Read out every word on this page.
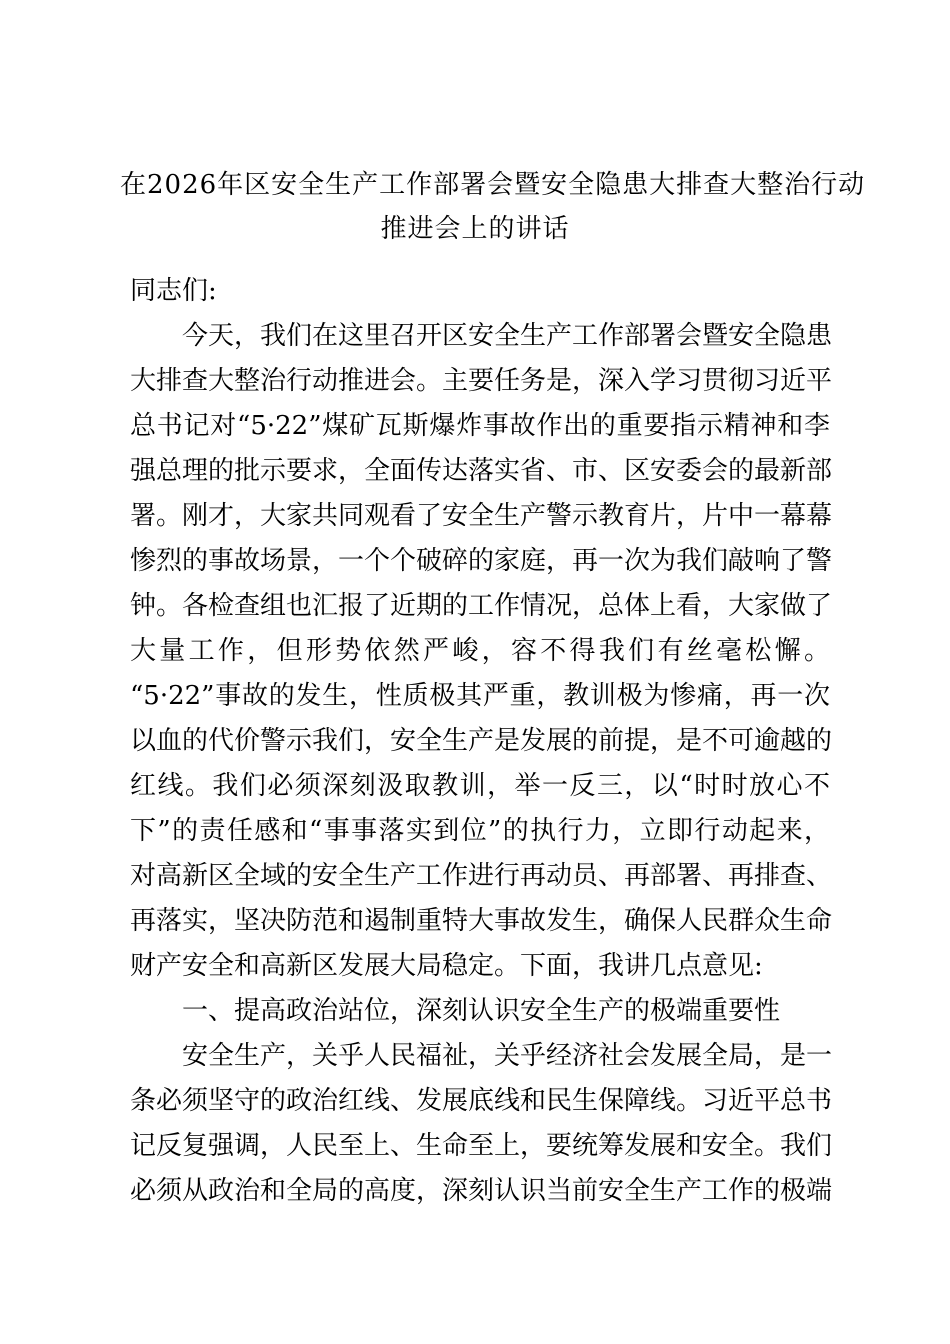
在2026年区安全生产工作部署会暨安全隐患大排查大整治行动
推进会上的讲话
同志们:
今天，我们在这里召开区安全生产工作部署会暨安全隐患
大排查大整治行动推进会。主要任务是，深入学习贯彻习近平
总书记对“5·22”煤矿瓦斯爆炸事故作出的重要指示精神和李
强总理的批示要求，全面传达落实省、市、区安委会的最新部
署。刚才，大家共同观看了安全生产警示教育片，片中一幕幕
惨烈的事故场景，一个个破碎的家庭，再一次为我们敲响了警
钟。各检查组也汇报了近期的工作情况，总体上看，大家做了
大量工作，但形势依然严峻，容不得我们有丝毫松懈。
“5·22”事故的发生，性质极其严重，教训极为惨痛，再一次
以血的代价警示我们，安全生产是发展的前提，是不可逾越的
红线。我们必须深刻汲取教训，举一反三，以“时时放心不
下”的责任感和“事事落实到位”的执行力，立即行动起来，
对高新区全域的安全生产工作进行再动员、再部署、再排查、
再落实，坚决防范和遏制重特大事故发生，确保人民群众生命
财产安全和高新区发展大局稳定。下面，我讲几点意见:
一、提高政治站位，深刻认识安全生产的极端重要性
安全生产，关乎人民福祉，关乎经济社会发展全局，是一
条必须坚守的政治红线、发展底线和民生保障线。习近平总书
记反复强调，人民至上、生命至上，要统筹发展和安全。我们
必须从政治和全局的高度，深刻认识当前安全生产工作的极端
